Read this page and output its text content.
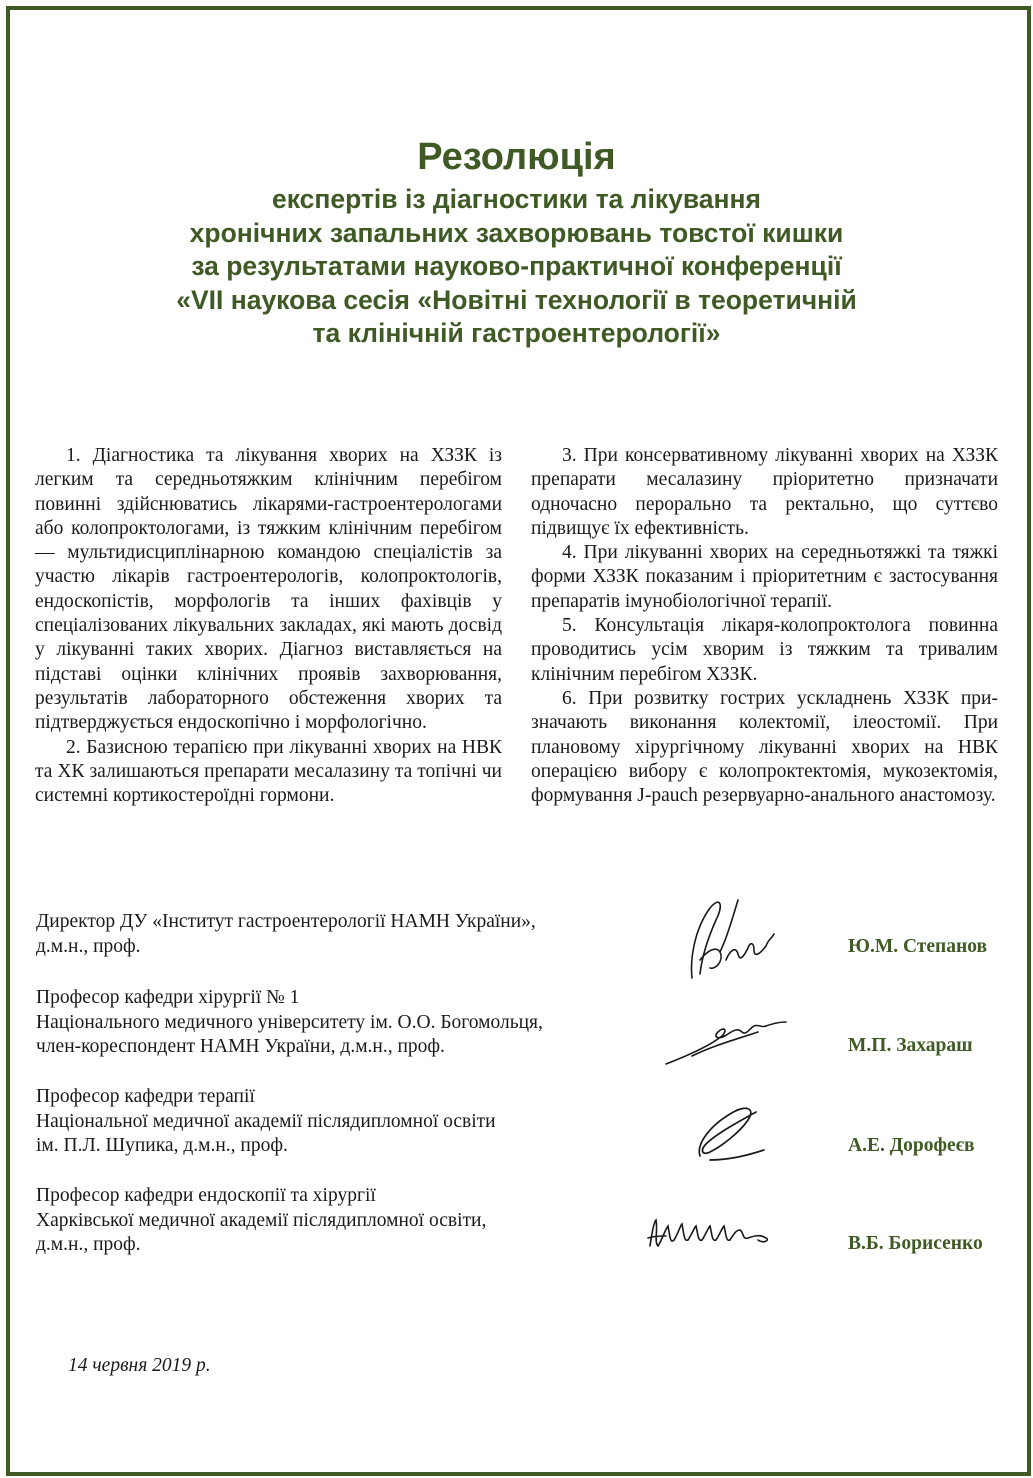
Резолюція
експертів із діагностики та лікування
хронічних запальних захворювань товстої кишки
за результатами науково-практичної конференції
«VІІ наукова сесія «Новітні технології в теоретичній
та клінічній гастроентерології»

1. Діагностика та лікування хворих на ХЗЗК із легким та середньотяжким клінічним перебігом повинні здійснюватись лікарями-гастроентеролoгами або колопроктологами, із тяжким клінічним перебігом — мультидисциплінарною командою спеціалістів за участю лікарів гастроентерологів, колопроктологів, ендоскопістів, морфологів та інших фахівців у спеціалізованих лікувальних закладах, які мають досвід у лікуванні таких хворих. Діагноз виставляється на підставі оцінки клінічних проявів захворювання, результатів лабораторного обстеження хворих та підтверджується ендоскопічно і морфологічно.

2. Базисною терапією при лікуванні хворих на НВК та ХК залишаються препарати месалазину та топічні чи системні кортикостероїдні гормони.

3. При консервативному лікуванні хворих на ХЗЗК препарати месалазину пріоритетно призначати одночасно перорально та ректально, що суттєво підвищує їх ефективність.

4. При лікуванні хворих на середньотяжкі та тяжкі форми ХЗЗК показаним і пріоритетним є застосування препаратів імунобіологічної терапії.

5. Консультація лікаря-колопроктолога повинна проводитись усім хворим із тяжким та тривалим клінічним перебігом ХЗЗК.

6. При розвитку гострих ускладнень ХЗЗК призначають виконання колектомії, ілеостомії. При плановому хірургічному лікуванні хворих на НВК операцією вибору є колопроктектомія, мукозектомія, формування J-pauch резервуарно-анального анастомозу.

Директор ДУ «Інститут гастроентерології НАМН України»,
д.м.н., проф.	Ю.М. Степанов
Професор кафедри хірургії № 1
Національного медичного університету ім. О.О. Богомольця,
член-кореспондент НАМН України, д.м.н., проф.	М.П. Захараш
Професор кафедри терапії
Національної медичної академії післядипломної освіти
ім. П.Л. Шупика, д.м.н., проф.	А.Е. Дорофеєв
Професор кафедри ендоскопії та хірургії
Харківської медичної академії післядипломної освіти,
д.м.н., проф.	В.Б. Борисенко
14 червня 2019 р.
